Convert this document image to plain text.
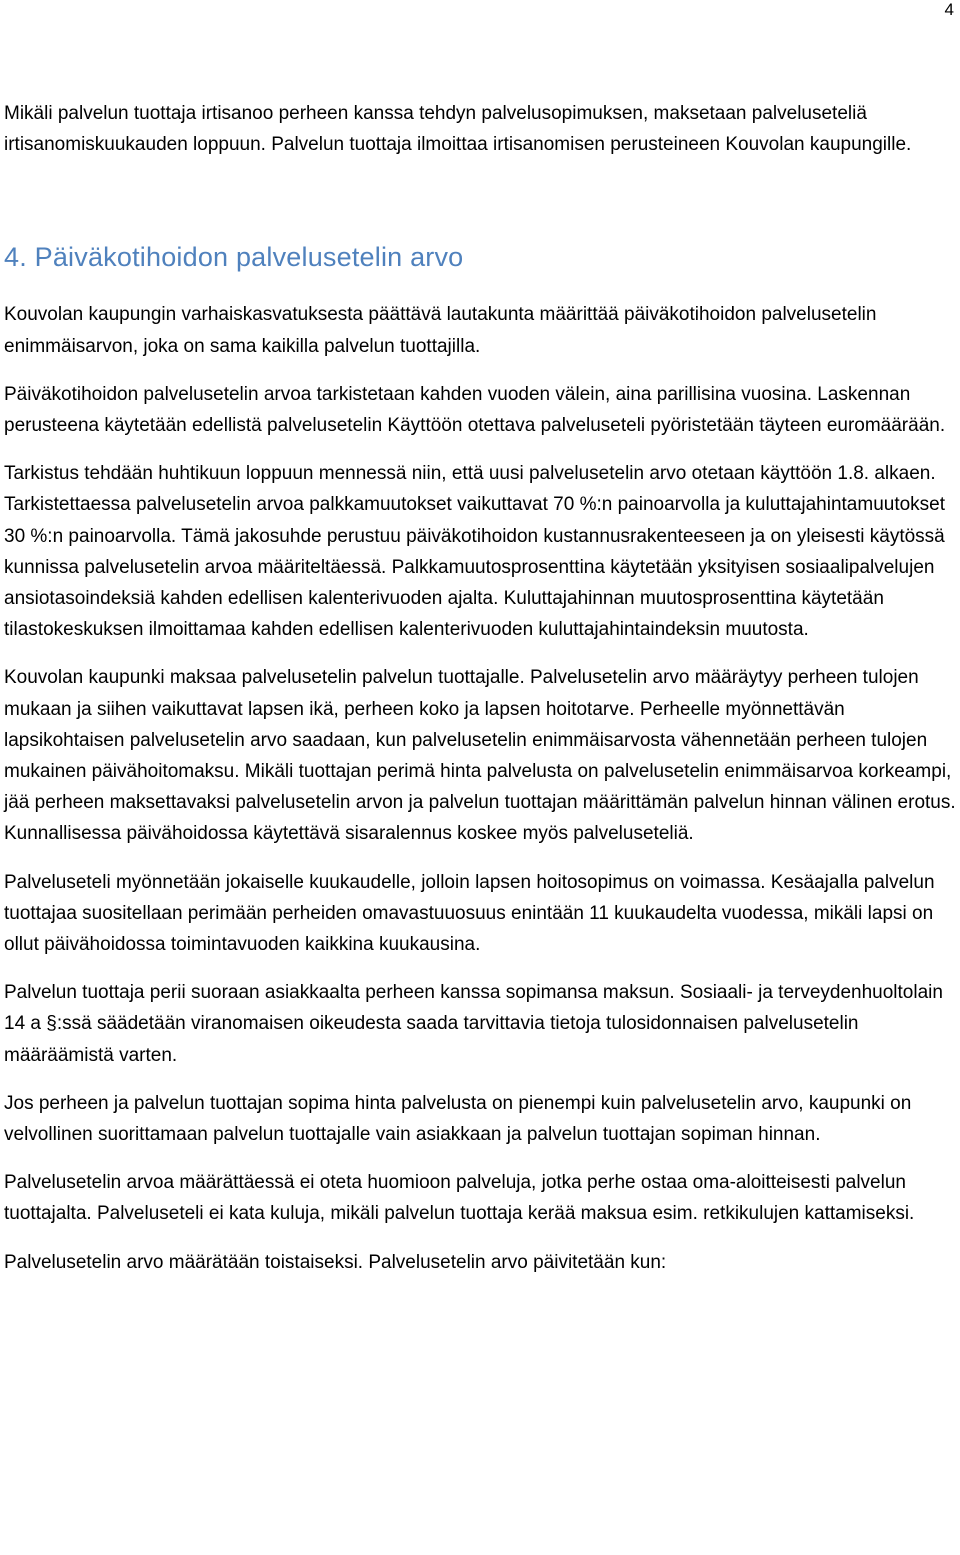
4

Mikäli palvelun tuottaja irtisanoo perheen kanssa tehdyn palvelusopimuksen, maksetaan palveluseteliä irtisanomiskuukauden loppuun. Palvelun tuottaja ilmoittaa irtisanomisen perusteineen Kouvolan kaupungille.

4. Päiväkotihoidon palvelusetelin arvo

Kouvolan kaupungin varhaiskasvatuksesta päättävä lautakunta määrittää päiväkotihoidon palvelusetelin enimmäisarvon, joka on sama kaikilla palvelun tuottajilla.

Päiväkotihoidon palvelusetelin arvoa tarkistetaan kahden vuoden välein, aina parillisina vuosina. Laskennan perusteena käytetään edellistä palvelusetelin Käyttöön otettava palveluseteli pyöristetään täyteen euromäärään.

Tarkistus tehdään huhtikuun loppuun mennessä niin, että uusi palvelusetelin arvo otetaan käyttöön 1.8. alkaen. Tarkistettaessa palvelusetelin arvoa palkkamuutokset vaikuttavat 70 %:n painoarvolla ja kuluttajahintamuutokset 30 %:n painoarvolla. Tämä jakosuhde perustuu päiväkotihoidon kustannusrakenteeseen ja on yleisesti käytössä kunnissa palvelusetelin arvoa määriteltäessä. Palkkamuutosprosenttina käytetään yksityisen sosiaalipalvelujen ansiotasoindeksiä kahden edellisen kalenterivuoden ajalta. Kuluttajahinnan muutosprosenttina käytetään tilastokeskuksen ilmoittamaa kahden edellisen kalenterivuoden kuluttajahintaindeksin muutosta.

Kouvolan kaupunki maksaa palvelusetelin palvelun tuottajalle. Palvelusetelin arvo määräytyy perheen tulojen mukaan ja siihen vaikuttavat lapsen ikä, perheen koko ja lapsen hoitotarve. Perheelle myönnettävän lapsikohtaisen palvelusetelin arvo saadaan, kun palvelusetelin enimmäisarvosta vähennetään perheen tulojen mukainen päivähoitomaksu. Mikäli tuottajan perimä hinta palvelusta on palvelusetelin enimmäisarvoa korkeampi, jää perheen maksettavaksi palvelusetelin arvon ja palvelun tuottajan määrittämän palvelun hinnan välinen erotus. Kunnallisessa päivähoidossa käytettävä sisaralennus koskee myös palveluseteliä.

Palveluseteli myönnetään jokaiselle kuukaudelle, jolloin lapsen hoitosopimus on voimassa. Kesäajalla palvelun tuottajaa suositellaan perimään perheiden omavastuuosuus enintään 11 kuukaudelta vuodessa, mikäli lapsi on ollut päivähoidossa toimintavuoden kaikkina kuukausina.

Palvelun tuottaja perii suoraan asiakkaalta perheen kanssa sopimansa maksun. Sosiaali- ja terveydenhuoltolain 14 a §:ssä säädetään viranomaisen oikeudesta saada tarvittavia tietoja tulosidonnaisen palvelusetelin määräämistä varten.

Jos perheen ja palvelun tuottajan sopima hinta palvelusta on pienempi kuin palvelusetelin arvo, kaupunki on velvollinen suorittamaan palvelun tuottajalle vain asiakkaan ja palvelun tuottajan sopiman hinnan.

Palvelusetelin arvoa määrättäessä ei oteta huomioon palveluja, jotka perhe ostaa oma-aloitteisesti palvelun tuottajalta. Palveluseteli ei kata kuluja, mikäli palvelun tuottaja kerää maksua esim. retkikulujen kattamiseksi.

Palvelusetelin arvo määrätään toistaiseksi. Palvelusetelin arvo päivitetään kun:
